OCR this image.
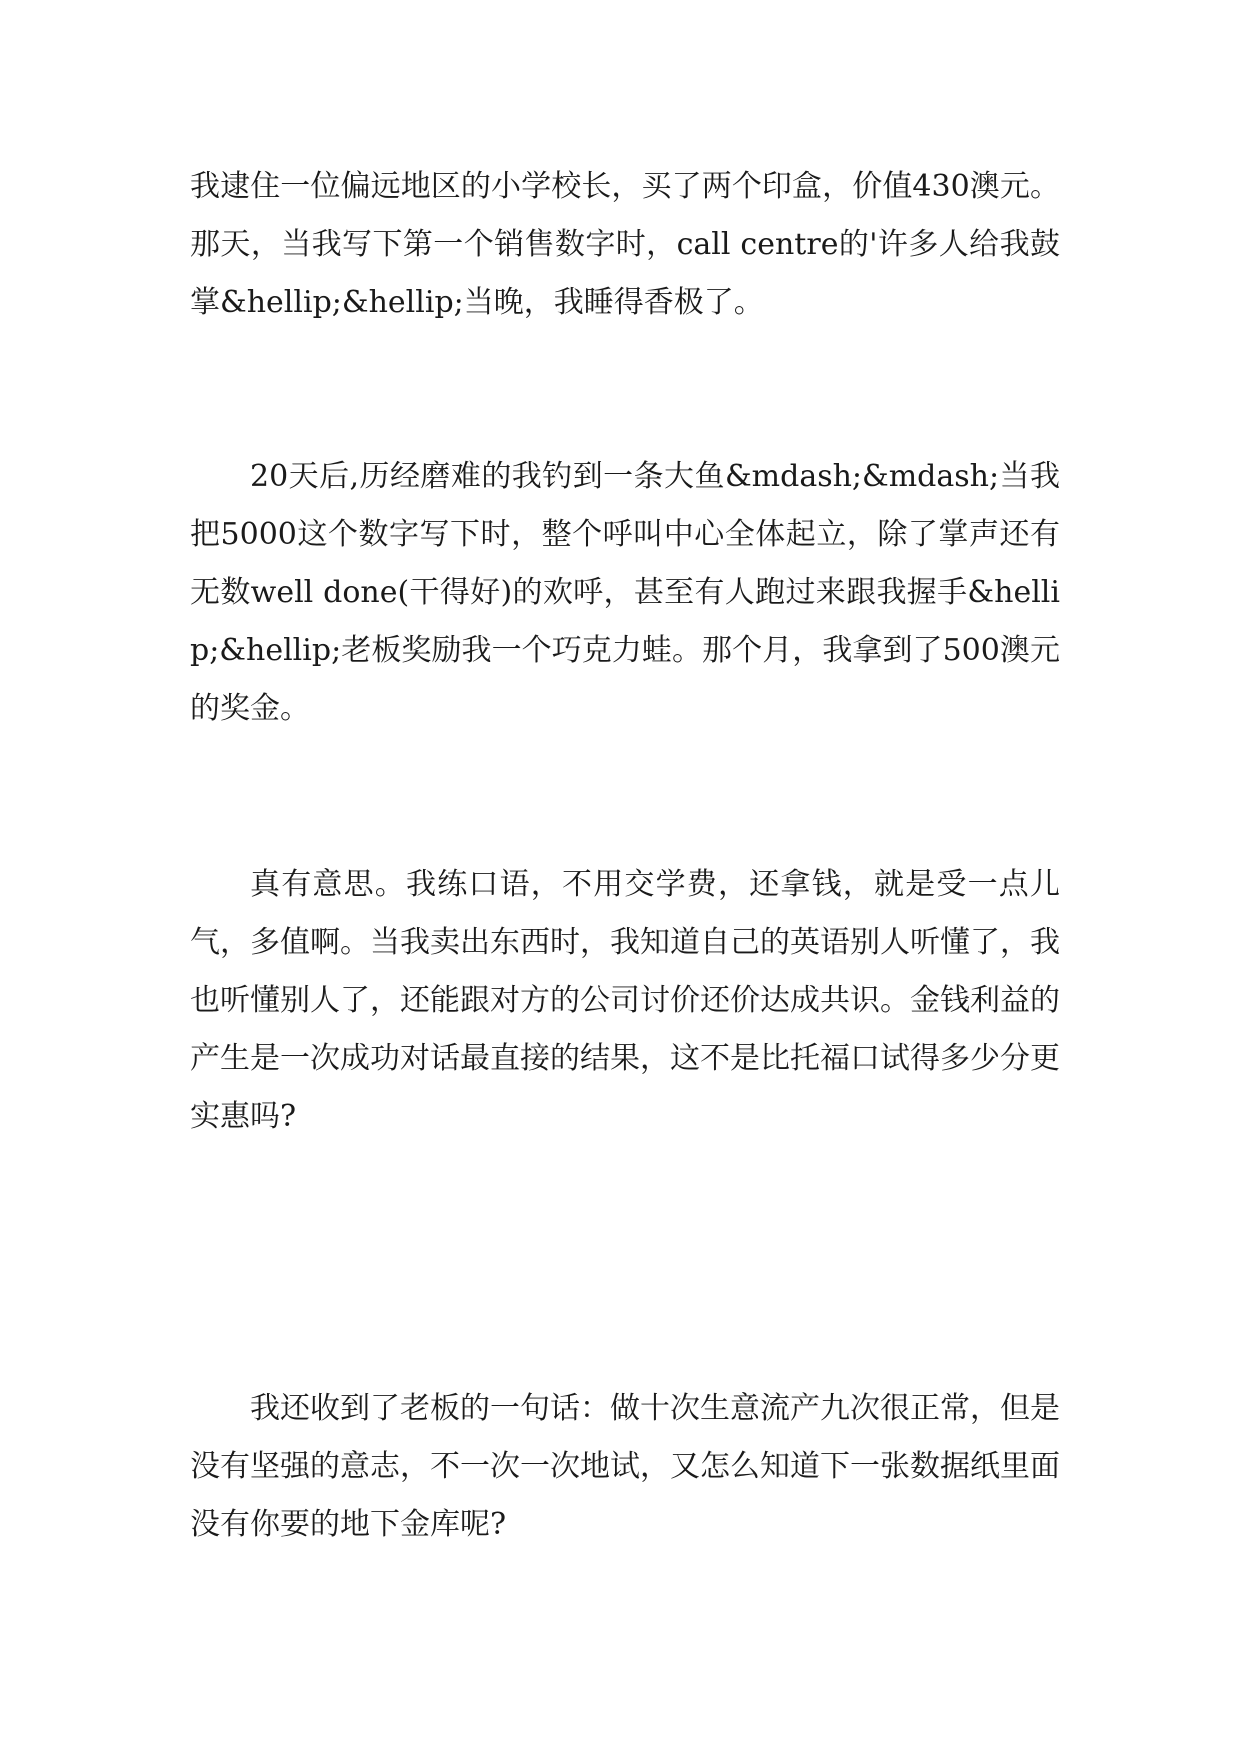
我逮住一位偏远地区的小学校长，买了两个印盒，价值430澳元。那天，当我写下第一个销售数字时，call centre的'许多人给我鼓掌&hellip;&hellip;当晚，我睡得香极了。

20天后,历经磨难的我钓到一条大鱼&mdash;&mdash;当我把5000这个数字写下时，整个呼叫中心全体起立，除了掌声还有无数well done(干得好)的欢呼，甚至有人跑过来跟我握手&hellip;&hellip;老板奖励我一个巧克力蛙。那个月，我拿到了500澳元的奖金。

真有意思。我练口语，不用交学费，还拿钱，就是受一点儿气，多值啊。当我卖出东西时，我知道自己的英语别人听懂了，我也听懂别人了，还能跟对方的公司讨价还价达成共识。金钱利益的产生是一次成功对话最直接的结果，这不是比托福口试得多少分更实惠吗?

我还收到了老板的一句话：做十次生意流产九次很正常，但是没有坚强的意志，不一次一次地试，又怎么知道下一张数据纸里面没有你要的地下金库呢?
